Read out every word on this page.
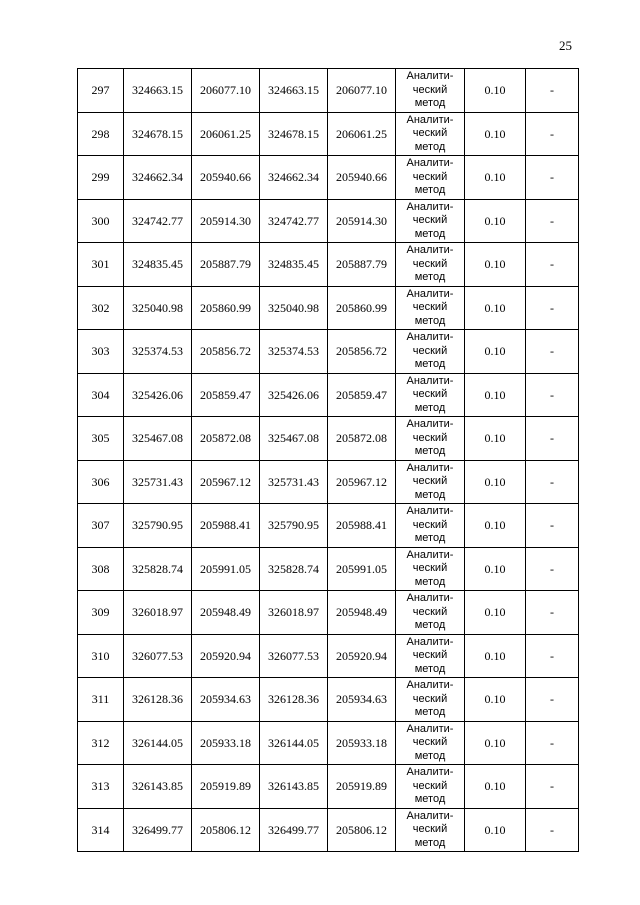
25
297	324663.15	206077.10	324663.15	206077.10	Аналити-
ческий
метод	0.10	-
298	324678.15	206061.25	324678.15	206061.25	Аналити-
ческий
метод	0.10	-
299	324662.34	205940.66	324662.34	205940.66	Аналити-
ческий
метод	0.10	-
300	324742.77	205914.30	324742.77	205914.30	Аналити-
ческий
метод	0.10	-
301	324835.45	205887.79	324835.45	205887.79	Аналити-
ческий
метод	0.10	-
302	325040.98	205860.99	325040.98	205860.99	Аналити-
ческий
метод	0.10	-
303	325374.53	205856.72	325374.53	205856.72	Аналити-
ческий
метод	0.10	-
304	325426.06	205859.47	325426.06	205859.47	Аналити-
ческий
метод	0.10	-
305	325467.08	205872.08	325467.08	205872.08	Аналити-
ческий
метод	0.10	-
306	325731.43	205967.12	325731.43	205967.12	Аналити-
ческий
метод	0.10	-
307	325790.95	205988.41	325790.95	205988.41	Аналити-
ческий
метод	0.10	-
308	325828.74	205991.05	325828.74	205991.05	Аналити-
ческий
метод	0.10	-
309	326018.97	205948.49	326018.97	205948.49	Аналити-
ческий
метод	0.10	-
310	326077.53	205920.94	326077.53	205920.94	Аналити-
ческий
метод	0.10	-
311	326128.36	205934.63	326128.36	205934.63	Аналити-
ческий
метод	0.10	-
312	326144.05	205933.18	326144.05	205933.18	Аналити-
ческий
метод	0.10	-
313	326143.85	205919.89	326143.85	205919.89	Аналити-
ческий
метод	0.10	-
314	326499.77	205806.12	326499.77	205806.12	Аналити-
ческий
метод	0.10	-
